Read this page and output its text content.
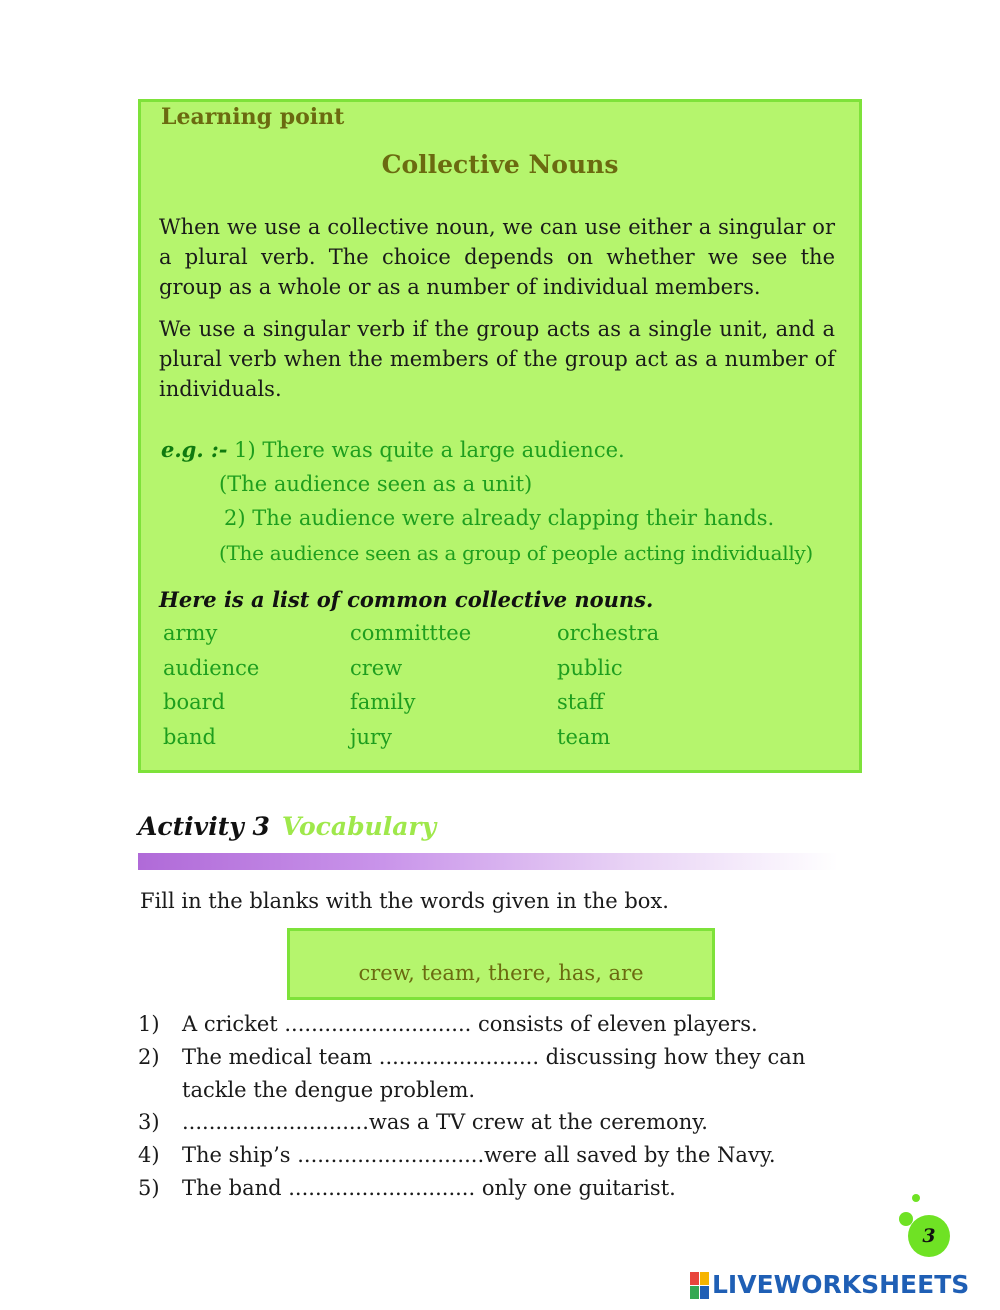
Learning point
Collective Nouns
When we use a collective noun, we can use either a singular or a plural verb. The choice depends on whether we see the group as a whole or as a number of individual members.
We use a singular verb if the group acts as a single unit, and a plural verb when the members of the group act as a number of individuals.
e.g. :- 1) There was quite a large audience.
(The audience seen as a unit)
2) The audience were already clapping their hands.
(The audience seen as a group of people acting individually)
Here is a list of common collective nouns.
army	committtee	orchestra
audience	crew	public
board	family	staff
band	jury	team
Activity 3 Vocabulary
Fill in the blanks with the words given in the box.
crew, team, there, has, are
1) A cricket ............................ consists of eleven players.
2) The medical team ........................ discussing how they can tackle the dengue problem.
3) ............................was a TV crew at the ceremony.
4) The ship’s ............................were all saved by the Navy.
5) The band ............................ only one guitarist.
3
LIVEWORKSHEETS
